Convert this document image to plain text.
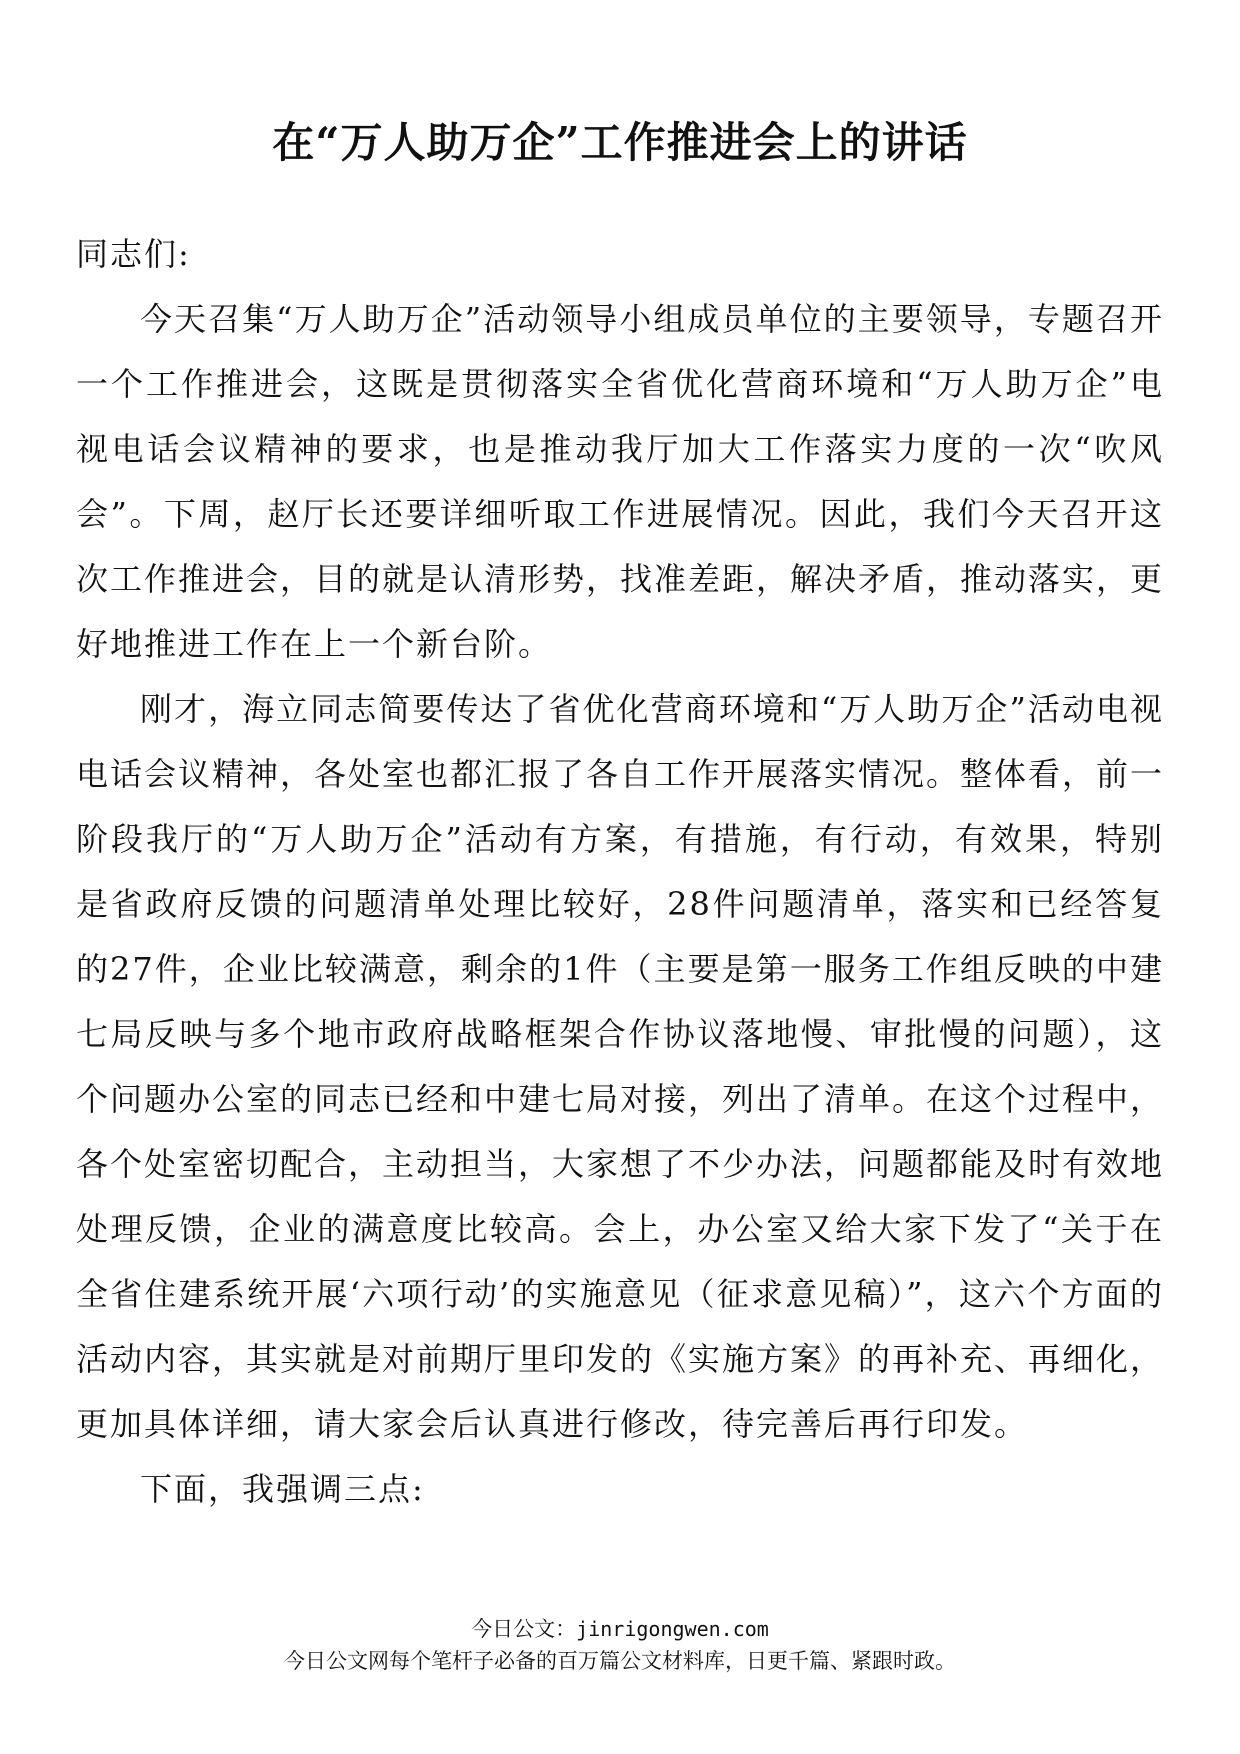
在“万人助万企”工作推进会上的讲话

同志们:

今天召集“万人助万企”活动领导小组成员单位的主要领导，专题召开一个工作推进会，这既是贯彻落实全省优化营商环境和“万人助万企”电视电话会议精神的要求，也是推动我厅加大工作落实力度的一次“吹风会”。下周，赵厅长还要详细听取工作进展情况。因此，我们今天召开这次工作推进会，目的就是认清形势，找准差距，解决矛盾，推动落实，更好地推进工作在上一个新台阶。

刚才，海立同志简要传达了省优化营商环境和“万人助万企”活动电视电话会议精神，各处室也都汇报了各自工作开展落实情况。整体看，前一阶段我厅的“万人助万企”活动有方案，有措施，有行动，有效果，特别是省政府反馈的问题清单处理比较好，28件问题清单，落实和已经答复的27件，企业比较满意，剩余的1件（主要是第一服务工作组反映的中建七局反映与多个地市政府战略框架合作协议落地慢、审批慢的问题），这个问题办公室的同志已经和中建七局对接，列出了清单。在这个过程中，各个处室密切配合，主动担当，大家想了不少办法，问题都能及时有效地处理反馈，企业的满意度比较高。会上，办公室又给大家下发了“关于在全省住建系统开展‘六项行动’的实施意见（征求意见稿）”，这六个方面的活动内容，其实就是对前期厅里印发的《实施方案》的再补充、再细化，更加具体详细，请大家会后认真进行修改，待完善后再行印发。

下面，我强调三点:

今日公文：jinrigongwen.com
今日公文网每个笔杆子必备的百万篇公文材料库，日更千篇、紧跟时政。
